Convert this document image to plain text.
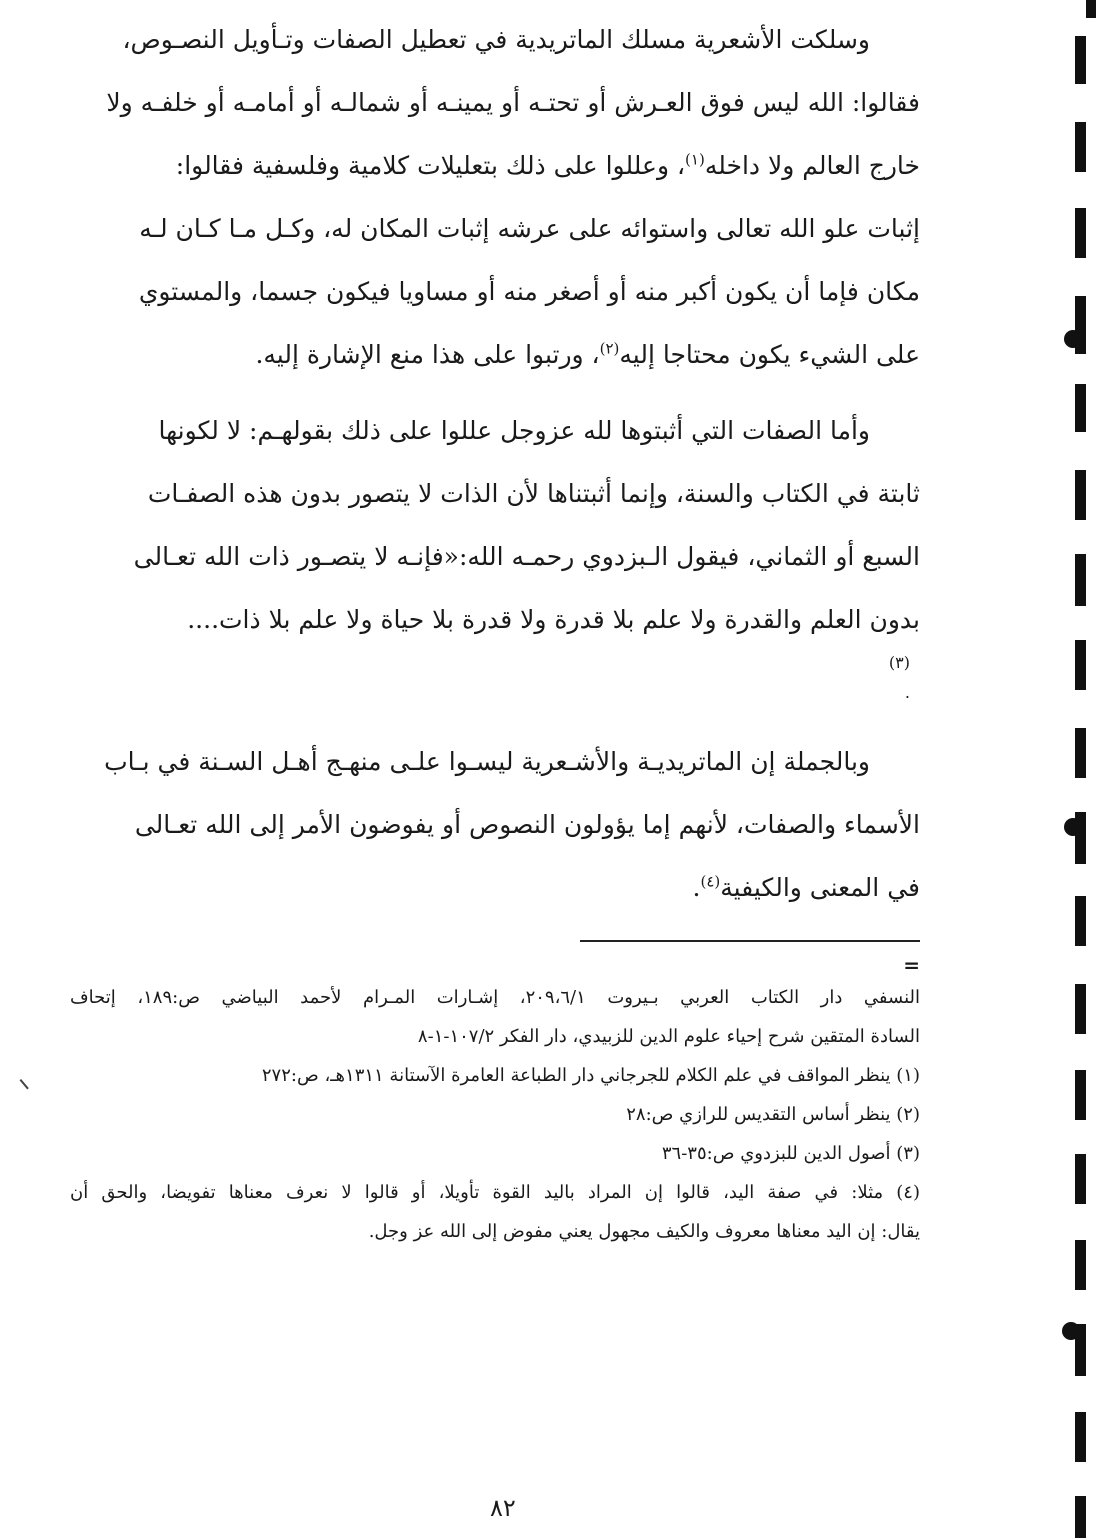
وسلكت الأشعرية مسلك الماتريدية في تعطيل الصفات وتـأويل النصـوص،
فقالوا: الله ليس فوق العـرش أو تحتـه أو يمينـه أو شمالـه أو أمامـه أو خلفـه ولا
خارج العالم ولا داخله$^{(١)}$، وعللوا على ذلك بتعليلات كلامية وفلسفية فقالوا:
إثبات علو الله تعالى واستوائه على عرشه إثبات المكان له، وكـل مـا كـان لـه
مكان فإما أن يكون أكبر منه أو أصغر منه أو مساويا فيكون جسما، والمستوي
على الشيء يكون محتاجا إليه$^{(٢)}$، ورتبوا على هذا منع الإشارة إليه.
وأما الصفات التي أثبتوها لله عزوجل عللوا على ذلك بقولهـم: لا لكونها
ثابتة في الكتاب والسنة، وإنما أثبتناها لأن الذات لا يتصور بدون هذه الصفـات
السبع أو الثماني، فيقول الـبزدوي رحمـه الله:«فإنـه لا يتصـور ذات الله تعـالى
بدون العلم والقدرة ولا علم بلا قدرة ولا قدرة بلا حياة ولا علم بلا ذات....
$^{(٣)}$
.
وبالجملة إن الماتريديـة والأشـعرية ليسـوا علـى منهـج أهـل السـنة في بـاب
الأسماء والصفات، لأنهم إما يؤولون النصوص أو يفوضون الأمر إلى الله تعـالى
في المعنى والكيفية$^{(٤)}$.
=
النسفي دار الكتاب العربي بـيروت ٢٠٩،٦/١، إشـارات المـرام لأحمد البياضي ص:١٨٩، إتحاف
السادة المتقين شرح إحياء علوم الدين للزبيدي، دار الفكر ١٠٧/٢-١-٨
(١) ينظر المواقف في علم الكلام للجرجاني دار الطباعة العامرة الآستانة ١٣١١هـ، ص:٢٧٢
(٢) ينظر أساس التقديس للرازي ص:٢٨
(٣) أصول الدين للبزدوي ص:٣٥-٣٦
(٤) مثلا: في صفة اليد، قالوا إن المراد باليد القوة تأويلا، أو قالوا لا نعرف معناها تفويضا، والحق أن
يقال: إن اليد معناها معروف والكيف مجهول يعني مفوض إلى الله عز وجل.
٨٢
